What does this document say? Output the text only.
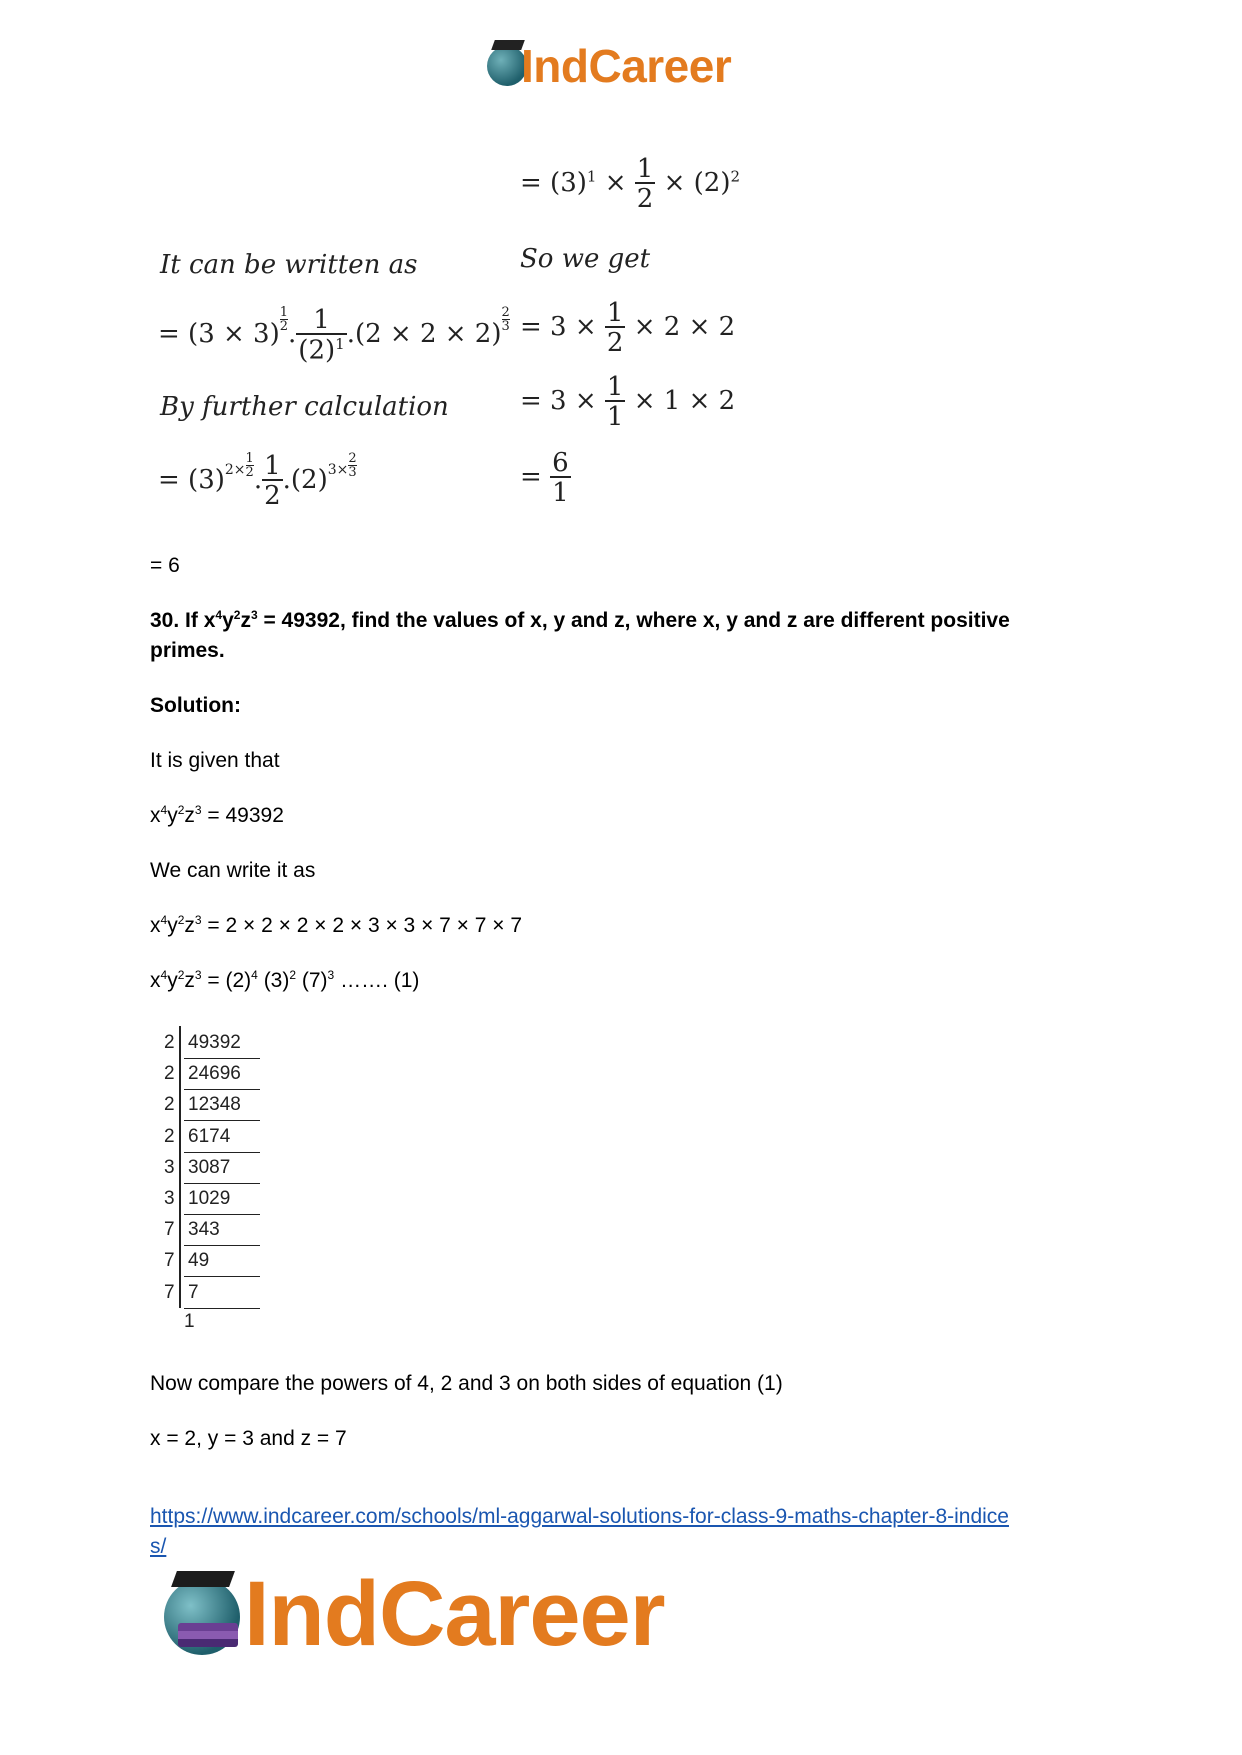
IndCareer
= $(3)^1 \times \frac{1}{2} \times (2)^2$
It can be written as	So we get
= $(3 \times 3) \frac{1}{2}$ . $\frac{1}{(2)^1} .(2 \times 2 \times 2) \frac{2}{3} = 3 \times \frac{1}{2} \times 2 \times 2$
By further calculation	= $3 \times \frac{1}{1} \times 1 \times 2$
= $(3)2\times \frac{1}{2}$ . $\frac{1}{2} .(2)3\times \frac{2}{3}$	= $\frac{6}{1}$
= 6
30. If $x^4y^2z^3 = 49392$, find the values of x, y and z, where x, y and z are different positive
primes.
Solution:
It is given that
$x^4y^2z^3 = 49392$
We can write it as
$x^4y^2z^3 = 2 \times 2 \times 2 \times 2 \times 3 \times 3 \times 7 \times 7 \times 7$
$x^4y^2z^3 = (2)^4$ $(3)^2$ $(7)^3$ ……. (1)
2 49392
2 24696
2 12348
2 6174
3 3087
3 1029
7 343
7 49
7 7
1
Now compare the powers of 4, 2 and 3 on both sides of equation (1)
x = 2, y = 3 and z = 7
https://www.indcareer.com/schools/ml-aggarwal-solutions-for-class-9-maths-chapter-8-indice
s/
IndCareer
